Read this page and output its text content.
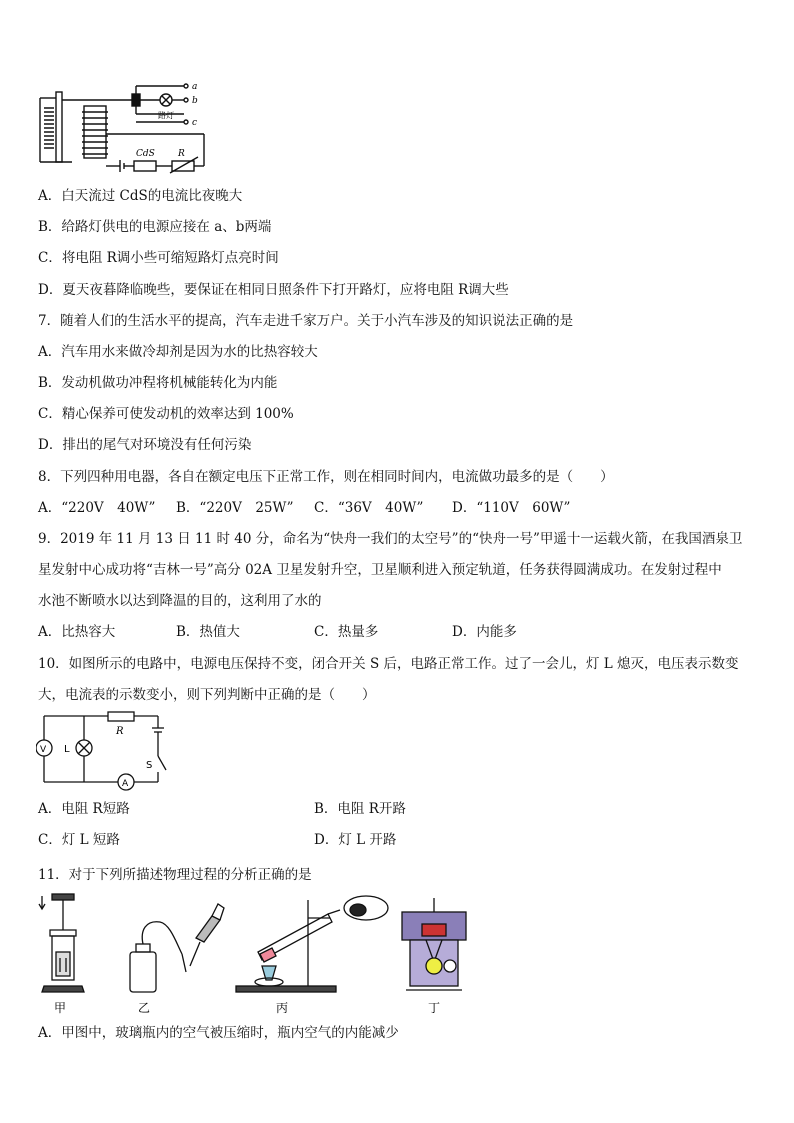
a
b
c
路灯
CdS	R
A．白天流过 CdS的电流比夜晚大
B．给路灯供电的电源应接在 a、b两端
C．将电阻 R调小些可缩短路灯点亮时间
D．夏天夜暮降临晚些，要保证在相同日照条件下打开路灯，应将电阻 R调大些
7．随着人们的生活水平的提高，汽车走进千家万户。关于小汽车涉及的知识说法正确的是
A．汽车用水来做冷却剂是因为水的比热容较大
B．发动机做功冲程将机械能转化为内能
C．精心保养可使发动机的效率达到 100%
D．排出的尾气对环境没有任何污染
8．下列四种用电器，各自在额定电压下正常工作，则在相同时间内，电流做功最多的是（　　）
A．“220V　40W” B．“220V　25W” C．“36V　40W” D．“110V　60W”
9．2019 年 11 月 13 日 11 时 40 分，命名为“快舟一我们的太空号”的“快舟一号”甲遥十一运载火箭，在我国酒泉卫
星发射中心成功将“吉林一号”高分 02A 卫星发射升空，卫星顺利进入预定轨道，任务获得圆满成功。在发射过程中
水池不断喷水以达到降温的目的，这利用了水的
A．比热容大	B．热值大	C．热量多	D．内能多
10．如图所示的电路中，电源电压保持不变，闭合开关 S 后，电路正常工作。过了一会儿，灯 L 熄灭，电压表示数变
大，电流表的示数变小，则下列判断中正确的是（　　）
V L
R
S
A
A．电阻 R短路	B．电阻 R开路
C．灯 L 短路	D．灯 L 开路
11．对于下列所描述物理过程的分析正确的是
甲	乙	丙	丁
A．甲图中，玻璃瓶内的空气被压缩时，瓶内空气的内能减少
